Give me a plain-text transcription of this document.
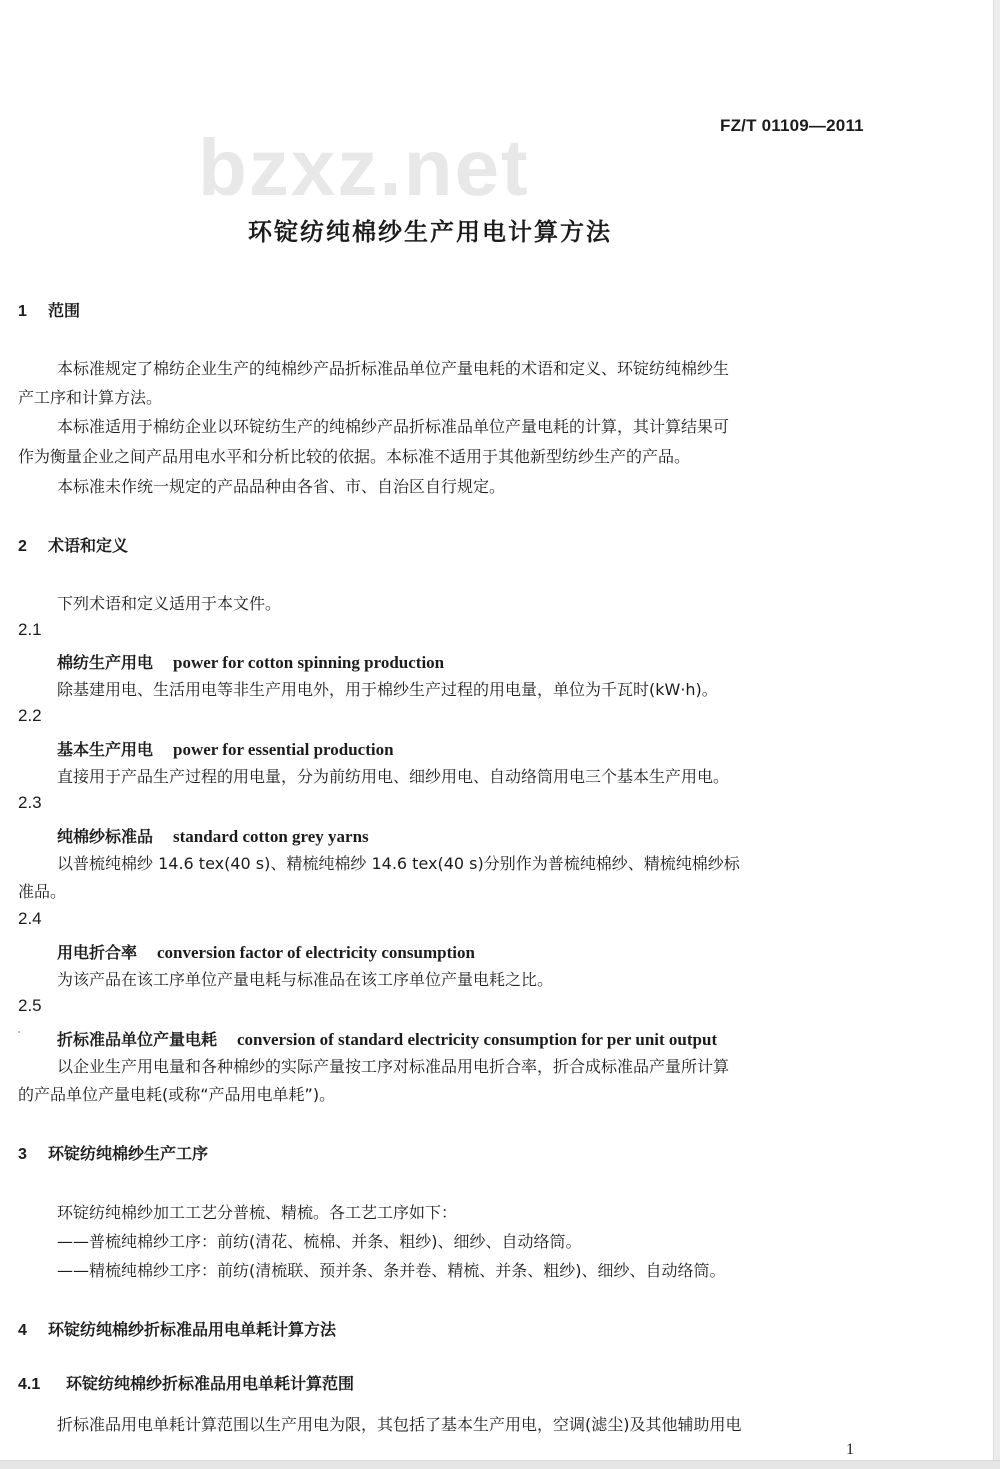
FZ/T 01109—2011
bzxz.net
环锭纺纯棉纱生产用电计算方法
1 范围
本标准规定了棉纺企业生产的纯棉纱产品折标准品单位产量电耗的术语和定义、环锭纺纯棉纱生
产工序和计算方法。
本标准适用于棉纺企业以环锭纺生产的纯棉纱产品折标准品单位产量电耗的计算，其计算结果可
作为衡量企业之间产品用电水平和分析比较的依据。本标准不适用于其他新型纺纱生产的产品。
本标准未作统一规定的产品品种由各省、市、自治区自行规定。
2 术语和定义
下列术语和定义适用于本文件。
2.1
棉纺生产用电 power for cotton spinning production
除基建用电、生活用电等非生产用电外，用于棉纱生产过程的用电量，单位为千瓦时(kW·h)。
2.2
基本生产用电 power for essential production
直接用于产品生产过程的用电量，分为前纺用电、细纱用电、自动络筒用电三个基本生产用电。
2.3
纯棉纱标准品 standard cotton grey yarns
以普梳纯棉纱 14.6 tex(40 s)、精梳纯棉纱 14.6 tex(40 s)分别作为普梳纯棉纱、精梳纯棉纱标
准品。
2.4
用电折合率 conversion factor of electricity consumption
为该产品在该工序单位产量电耗与标准品在该工序单位产量电耗之比。
2.5
折标准品单位产量电耗 conversion of standard electricity consumption for per unit output
以企业生产用电量和各种棉纱的实际产量按工序对标准品用电折合率，折合成标准品产量所计算
的产品单位产量电耗(或称“产品用电单耗”)。
3 环锭纺纯棉纱生产工序
环锭纺纯棉纱加工工艺分普梳、精梳。各工艺工序如下：
——普梳纯棉纱工序：前纺(清花、梳棉、并条、粗纱)、细纱、自动络筒。
——精梳纯棉纱工序：前纺(清梳联、预并条、条并卷、精梳、并条、粗纱)、细纱、自动络筒。
4 环锭纺纯棉纱折标准品用电单耗计算方法
4.1 环锭纺纯棉纱折标准品用电单耗计算范围
折标准品用电单耗计算范围以生产用电为限，其包括了基本生产用电，空调(滤尘)及其他辅助用电
1
